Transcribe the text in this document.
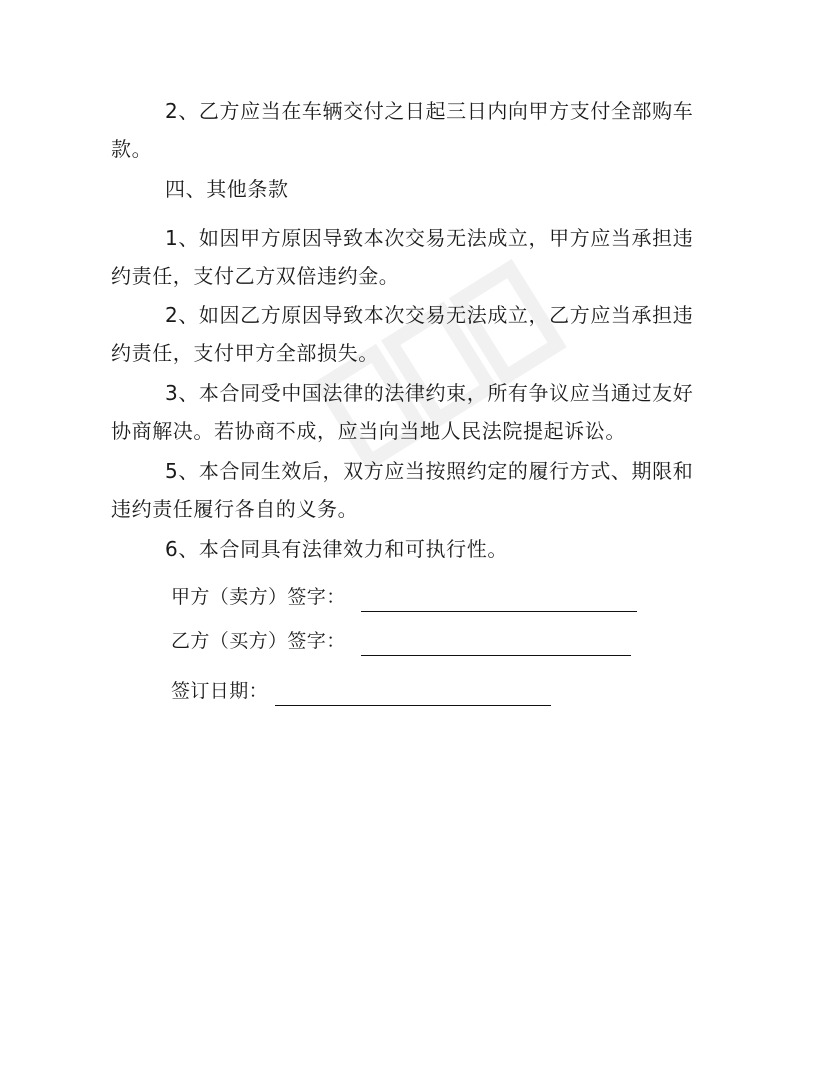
2、乙方应当在车辆交付之日起三日内向甲方支付全部购车款。

四、其他条款

1、如因甲方原因导致本次交易无法成立，甲方应当承担违约责任，支付乙方双倍违约金。

2、如因乙方原因导致本次交易无法成立，乙方应当承担违约责任，支付甲方全部损失。

3、本合同受中国法律的法律约束，所有争议应当通过友好协商解决。若协商不成，应当向当地人民法院提起诉讼。

5、本合同生效后，双方应当按照约定的履行方式、期限和违约责任履行各自的义务。

6、本合同具有法律效力和可执行性。

甲方（卖方）签字：
乙方（买方）签字：
签订日期：
